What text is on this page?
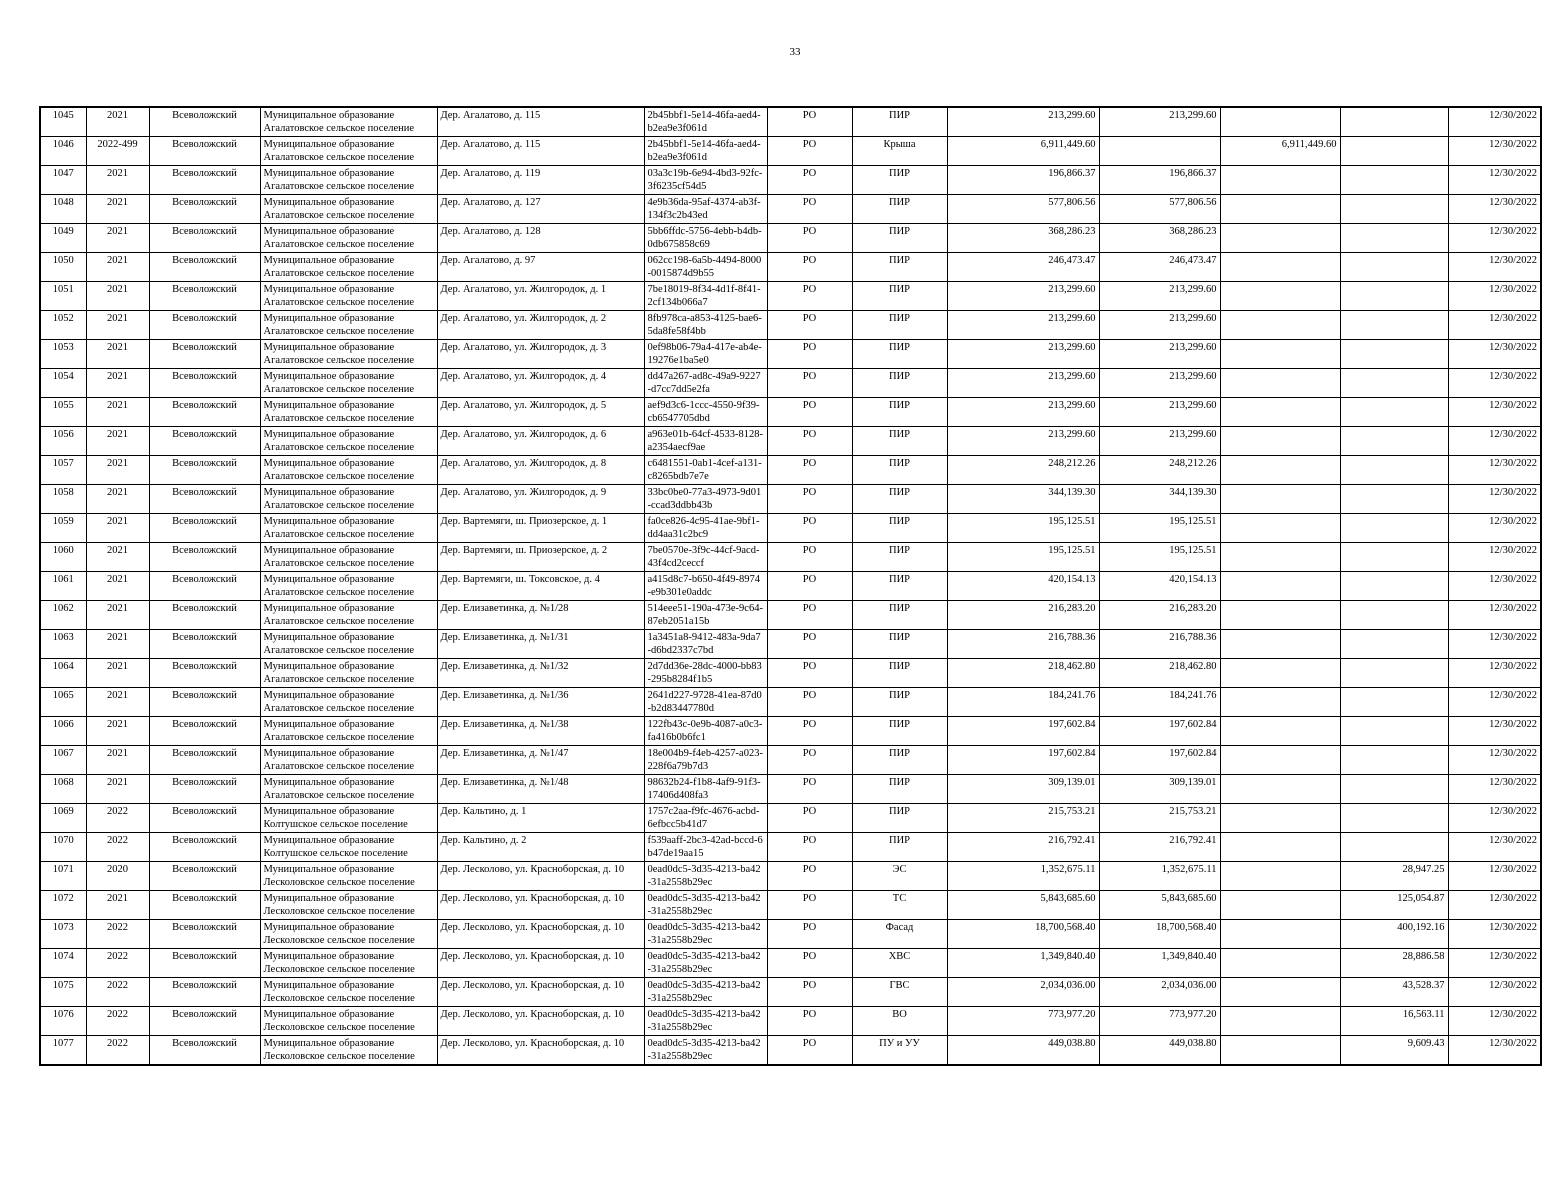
33
1045	2021	Всеволожский	Муниципальное образование Агалатовское сельское поселение	Дер. Агалатово, д. 115	2b45bbf1-5e14-46fa-aed4-b2ea9e3f061d	РО	ПИР	213,299.60	213,299.60			12/30/2022
1046	2022-499	Всеволожский	Муниципальное образование Агалатовское сельское поселение	Дер. Агалатово, д. 115	2b45bbf1-5e14-46fa-aed4-b2ea9e3f061d	РО	Крыша	6,911,449.60		6,911,449.60		12/30/2022
1047	2021	Всеволожский	Муниципальное образование Агалатовское сельское поселение	Дер. Агалатово, д. 119	03a3c19b-6e94-4bd3-92fc-3f6235cf54d5	РО	ПИР	196,866.37	196,866.37			12/30/2022
1048	2021	Всеволожский	Муниципальное образование Агалатовское сельское поселение	Дер. Агалатово, д. 127	4e9b36da-95af-4374-ab3f-134f3c2b43ed	РО	ПИР	577,806.56	577,806.56			12/30/2022
1049	2021	Всеволожский	Муниципальное образование Агалатовское сельское поселение	Дер. Агалатово, д. 128	5bb6ffdc-5756-4ebb-b4db-0db675858c69	РО	ПИР	368,286.23	368,286.23			12/30/2022
1050	2021	Всеволожский	Муниципальное образование Агалатовское сельское поселение	Дер. Агалатово, д. 97	062cc198-6a5b-4494-8000-0015874d9b55	РО	ПИР	246,473.47	246,473.47			12/30/2022
1051	2021	Всеволожский	Муниципальное образование Агалатовское сельское поселение	Дер. Агалатово, ул. Жилгородок, д. 1	7be18019-8f34-4d1f-8f41-2cf134b066a7	РО	ПИР	213,299.60	213,299.60			12/30/2022
1052	2021	Всеволожский	Муниципальное образование Агалатовское сельское поселение	Дер. Агалатово, ул. Жилгородок, д. 2	8fb978ca-a853-4125-bae6-5da8fe58f4bb	РО	ПИР	213,299.60	213,299.60			12/30/2022
1053	2021	Всеволожский	Муниципальное образование Агалатовское сельское поселение	Дер. Агалатово, ул. Жилгородок, д. 3	0ef98b06-79a4-417e-ab4e-19276e1ba5e0	РО	ПИР	213,299.60	213,299.60			12/30/2022
1054	2021	Всеволожский	Муниципальное образование Агалатовское сельское поселение	Дер. Агалатово, ул. Жилгородок, д. 4	dd47a267-ad8c-49a9-9227-d7cc7dd5e2fa	РО	ПИР	213,299.60	213,299.60			12/30/2022
1055	2021	Всеволожский	Муниципальное образование Агалатовское сельское поселение	Дер. Агалатово, ул. Жилгородок, д. 5	aef9d3c6-1ccc-4550-9f39-cb6547705dbd	РО	ПИР	213,299.60	213,299.60			12/30/2022
1056	2021	Всеволожский	Муниципальное образование Агалатовское сельское поселение	Дер. Агалатово, ул. Жилгородок, д. 6	a963e01b-64cf-4533-8128-a2354aecf9ae	РО	ПИР	213,299.60	213,299.60			12/30/2022
1057	2021	Всеволожский	Муниципальное образование Агалатовское сельское поселение	Дер. Агалатово, ул. Жилгородок, д. 8	c6481551-0ab1-4cef-a131-c8265bdb7e7e	РО	ПИР	248,212.26	248,212.26			12/30/2022
1058	2021	Всеволожский	Муниципальное образование Агалатовское сельское поселение	Дер. Агалатово, ул. Жилгородок, д. 9	33bc0be0-77a3-4973-9d01-ccad3ddbb43b	РО	ПИР	344,139.30	344,139.30			12/30/2022
1059	2021	Всеволожский	Муниципальное образование Агалатовское сельское поселение	Дер. Вартемяги, ш. Приозерское, д. 1	fa0ce826-4c95-41ae-9bf1-dd4aa31c2bc9	РО	ПИР	195,125.51	195,125.51			12/30/2022
1060	2021	Всеволожский	Муниципальное образование Агалатовское сельское поселение	Дер. Вартемяги, ш. Приозерское, д. 2	7be0570e-3f9c-44cf-9acd-43f4cd2ceccf	РО	ПИР	195,125.51	195,125.51			12/30/2022
1061	2021	Всеволожский	Муниципальное образование Агалатовское сельское поселение	Дер. Вартемяги, ш. Токсовское, д. 4	a415d8c7-b650-4f49-8974-e9b301e0addc	РО	ПИР	420,154.13	420,154.13			12/30/2022
1062	2021	Всеволожский	Муниципальное образование Агалатовское сельское поселение	Дер. Елизаветинка, д. №1/28	514eee51-190a-473e-9c64-87eb2051a15b	РО	ПИР	216,283.20	216,283.20			12/30/2022
1063	2021	Всеволожский	Муниципальное образование Агалатовское сельское поселение	Дер. Елизаветинка, д. №1/31	1a3451a8-9412-483a-9da7-d6bd2337c7bd	РО	ПИР	216,788.36	216,788.36			12/30/2022
1064	2021	Всеволожский	Муниципальное образование Агалатовское сельское поселение	Дер. Елизаветинка, д. №1/32	2d7dd36e-28dc-4000-bb83-295b8284f1b5	РО	ПИР	218,462.80	218,462.80			12/30/2022
1065	2021	Всеволожский	Муниципальное образование Агалатовское сельское поселение	Дер. Елизаветинка, д. №1/36	2641d227-9728-41ea-87d0-b2d83447780d	РО	ПИР	184,241.76	184,241.76			12/30/2022
1066	2021	Всеволожский	Муниципальное образование Агалатовское сельское поселение	Дер. Елизаветинка, д. №1/38	122fb43c-0e9b-4087-a0c3-fa416b0b6fc1	РО	ПИР	197,602.84	197,602.84			12/30/2022
1067	2021	Всеволожский	Муниципальное образование Агалатовское сельское поселение	Дер. Елизаветинка, д. №1/47	18e004b9-f4eb-4257-a023-228f6a79b7d3	РО	ПИР	197,602.84	197,602.84			12/30/2022
1068	2021	Всеволожский	Муниципальное образование Агалатовское сельское поселение	Дер. Елизаветинка, д. №1/48	98632b24-f1b8-4af9-91f3-17406d408fa3	РО	ПИР	309,139.01	309,139.01			12/30/2022
1069	2022	Всеволожский	Муниципальное образование Колтушское сельское поселение	Дер. Кальтино, д. 1	1757c2aa-f9fc-4676-acbd-6efbcc5b41d7	РО	ПИР	215,753.21	215,753.21			12/30/2022
1070	2022	Всеволожский	Муниципальное образование Колтушское сельское поселение	Дер. Кальтино, д. 2	f539aaff-2bc3-42ad-bccd-6b47de19aa15	РО	ПИР	216,792.41	216,792.41			12/30/2022
1071	2020	Всеволожский	Муниципальное образование Лесколовское сельское поселение	Дер. Лесколово, ул. Красноборская, д. 10	0ead0dc5-3d35-4213-ba42-31a2558b29ec	РО	ЭС	1,352,675.11	1,352,675.11		28,947.25	12/30/2022
1072	2021	Всеволожский	Муниципальное образование Лесколовское сельское поселение	Дер. Лесколово, ул. Красноборская, д. 10	0ead0dc5-3d35-4213-ba42-31a2558b29ec	РО	ТС	5,843,685.60	5,843,685.60		125,054.87	12/30/2022
1073	2022	Всеволожский	Муниципальное образование Лесколовское сельское поселение	Дер. Лесколово, ул. Красноборская, д. 10	0ead0dc5-3d35-4213-ba42-31a2558b29ec	РО	Фасад	18,700,568.40	18,700,568.40		400,192.16	12/30/2022
1074	2022	Всеволожский	Муниципальное образование Лесколовское сельское поселение	Дер. Лесколово, ул. Красноборская, д. 10	0ead0dc5-3d35-4213-ba42-31a2558b29ec	РО	ХВС	1,349,840.40	1,349,840.40		28,886.58	12/30/2022
1075	2022	Всеволожский	Муниципальное образование Лесколовское сельское поселение	Дер. Лесколово, ул. Красноборская, д. 10	0ead0dc5-3d35-4213-ba42-31a2558b29ec	РО	ГВС	2,034,036.00	2,034,036.00		43,528.37	12/30/2022
1076	2022	Всеволожский	Муниципальное образование Лесколовское сельское поселение	Дер. Лесколово, ул. Красноборская, д. 10	0ead0dc5-3d35-4213-ba42-31a2558b29ec	РО	ВО	773,977.20	773,977.20		16,563.11	12/30/2022
1077	2022	Всеволожский	Муниципальное образование Лесколовское сельское поселение	Дер. Лесколово, ул. Красноборская, д. 10	0ead0dc5-3d35-4213-ba42-31a2558b29ec	РО	ПУ и УУ	449,038.80	449,038.80		9,609.43	12/30/2022
